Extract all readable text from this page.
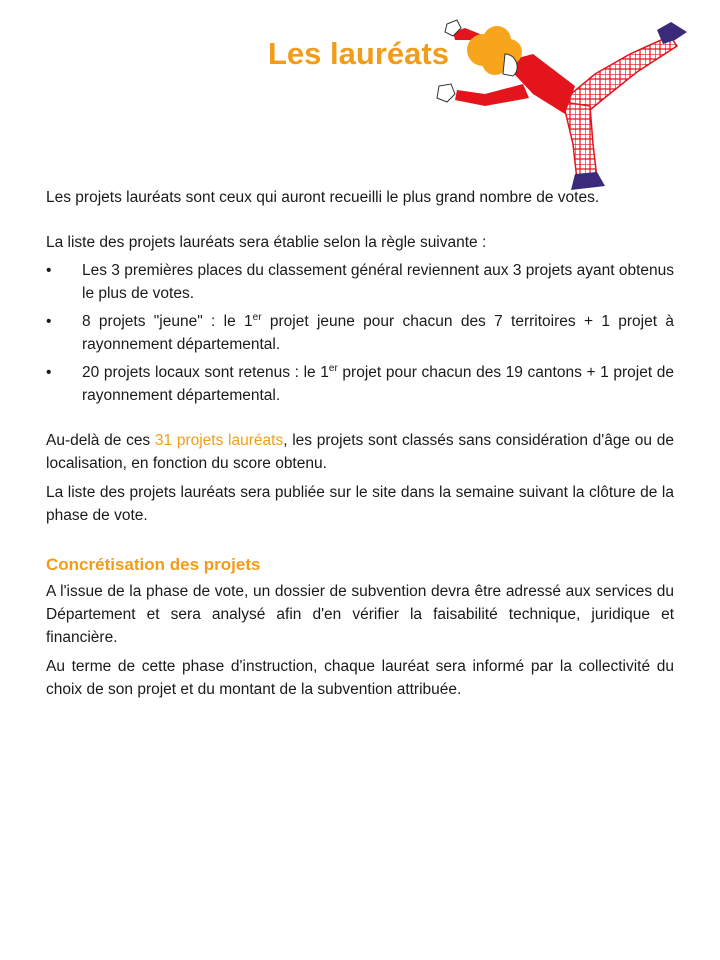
Les lauréats

Les projets lauréats sont ceux qui auront recueilli le plus grand nombre de votes.

La liste des projets lauréats sera établie selon la règle suivante :

• Les 3 premières places du classement général reviennent aux 3 projets ayant obtenus le plus de votes.
• 8 projets "jeune" : le 1er projet jeune pour chacun des 7 territoires + 1 projet à rayonnement départemental.
• 20 projets locaux sont retenus : le 1er projet pour chacun des 19 cantons + 1 projet de rayonnement départemental.

Au-delà de ces 31 projets lauréats, les projets sont classés sans considération d'âge ou de localisation, en fonction du score obtenu.

La liste des projets lauréats sera publiée sur le site dans la semaine suivant la clôture de la phase de vote.

Concrétisation des projets

A l'issue de la phase de vote, un dossier de subvention devra être adressé aux services du Département et sera analysé afin d'en vérifier la faisabilité technique, juridique et financière.

Au terme de cette phase d'instruction, chaque lauréat sera informé par la collectivité du choix de son projet et du montant de la subvention attribuée.
